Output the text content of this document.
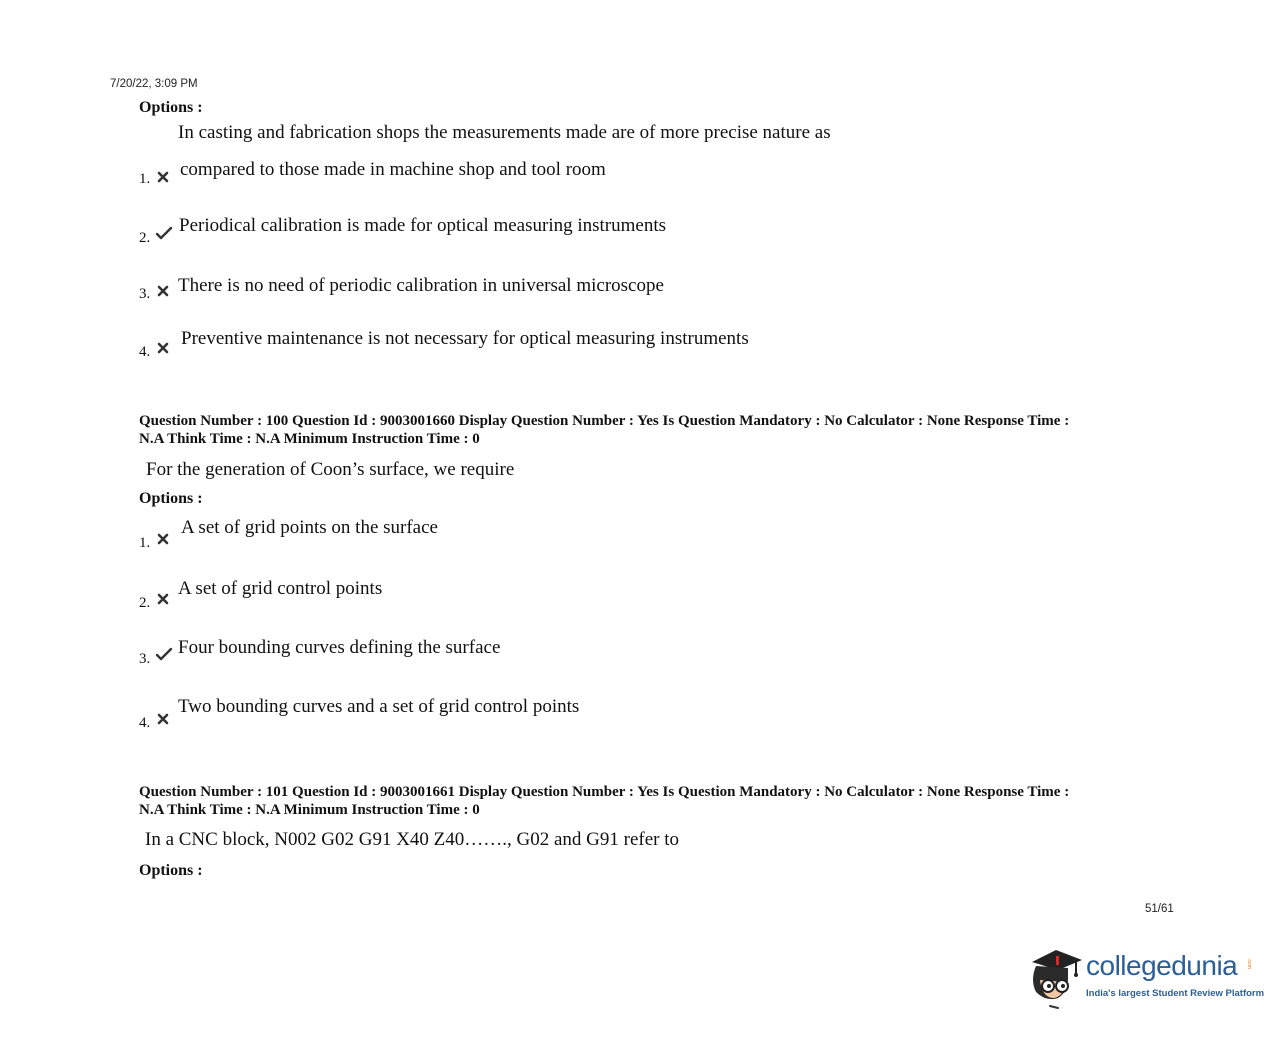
7/20/22, 3:09 PM
Options :
In casting and fabrication shops the measurements made are of more precise nature as
1. compared to those made in machine shop and tool room
2.
Periodical calibration is made for optical measuring instruments
3. There is no need of periodic calibration in universal microscope
4.
Preventive maintenance is not necessary for optical measuring instruments
Question Number : 100 Question Id : 9003001660 Display Question Number : Yes Is Question Mandatory : No Calculator : None Response Time :
N.A Think Time : N.A Minimum Instruction Time : 0
For the generation of Coon’s surface, we require
Options :
1.
A set of grid points on the surface
2.
A set of grid control points
3.
Four bounding curves defining the surface
4.
Two bounding curves and a set of grid control points
Question Number : 101 Question Id : 9003001661 Display Question Number : Yes Is Question Mandatory : No Calculator : None Response Time :
N.A Think Time : N.A Minimum Instruction Time : 0
In a CNC block, N002 G02 G91 X40 Z40……., G02 and G91 refer to
Options :
51/61
collegedunia .com
India's largest Student Review Platform
